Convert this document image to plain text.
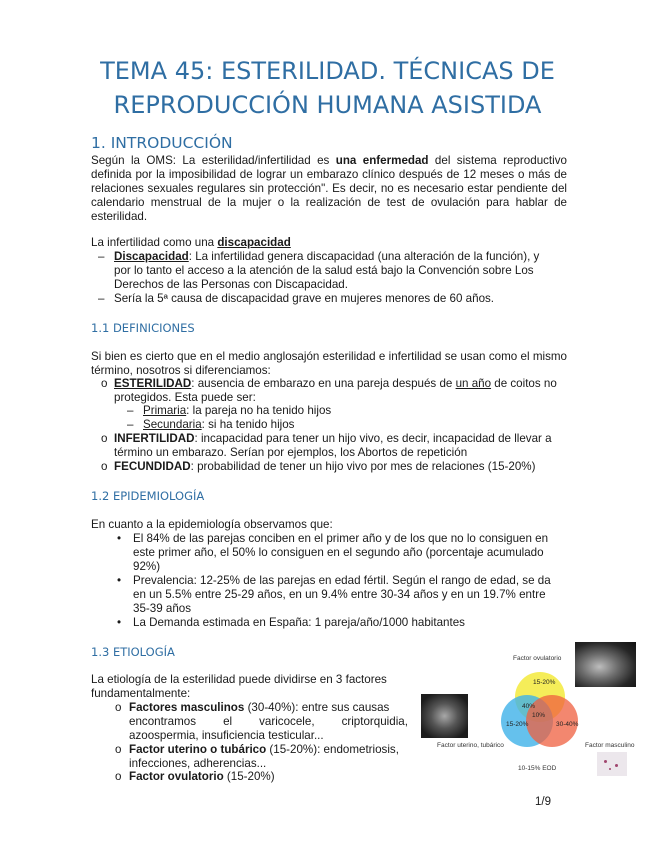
TEMA 45: ESTERILIDAD. TÉCNICAS DE
REPRODUCCIÓN HUMANA ASISTIDA
1. INTRODUCCIÓN
Según la OMS: La esterilidad/infertilidad es una enfermedad del sistema reproductivo definida por la imposibilidad de lograr un embarazo clínico después de 12 meses o más de relaciones sexuales regulares sin protección". Es decir, no es necesario estar pendiente del calendario menstrual de la mujer o la realización de test de ovulación para hablar de esterilidad.
La infertilidad como una discapacidad
– Discapacidad: La infertilidad genera discapacidad (una alteración de la función), y
por lo tanto el acceso a la atención de la salud está bajo la Convención sobre Los
Derechos de las Personas con Discapacidad.
– Sería la 5ª causa de discapacidad grave en mujeres menores de 60 años.
1.1 DEFINICIONES
Si bien es cierto que en el medio anglosajón esterilidad e infertilidad se usan como el mismo término, nosotros si diferenciamos:
o ESTERILIDAD: ausencia de embarazo en una pareja después de un año de coitos no
protegidos. Esta puede ser:
– Primaria: la pareja no ha tenido hijos
– Secundaria: si ha tenido hijos
o INFERTILIDAD: incapacidad para tener un hijo vivo, es decir, incapacidad de llevar a
término un embarazo. Serían por ejemplos, los Abortos de repetición
o FECUNDIDAD: probabilidad de tener un hijo vivo por mes de relaciones (15-20%)
1.2 EPIDEMIOLOGÍA
En cuanto a la epidemiología observamos que:
• El 84% de las parejas conciben en el primer año y de los que no lo consiguen en
este primer año, el 50% lo consiguen en el segundo año (porcentaje acumulado
92%)
• Prevalencia: 12-25% de las parejas en edad fértil. Según el rango de edad, se da
en un 5.5% entre 25-29 años, en un 9.4% entre 30-34 años y en un 19.7% entre
35-39 años
• La Demanda estimada en España: 1 pareja/año/1000 habitantes
1.3 ETIOLOGÍA
La etiología de la esterilidad puede dividirse en 3 factores
fundamentalmente:
o Factores masculinos (30-40%): entre sus causas
encontramos el varicocele, criptorquidia,
azoospermia, insuficiencia testicular...
o Factor uterino o tubárico (15-20%): endometriosis,
infecciones, adherencias...
o Factor ovulatorio (15-20%)
Factor ovulatorio
Factor uterino, tubárico	Factor masculino
10-15% EOD
15-20%
15-20%	30-40%
40%
10%
1/9
